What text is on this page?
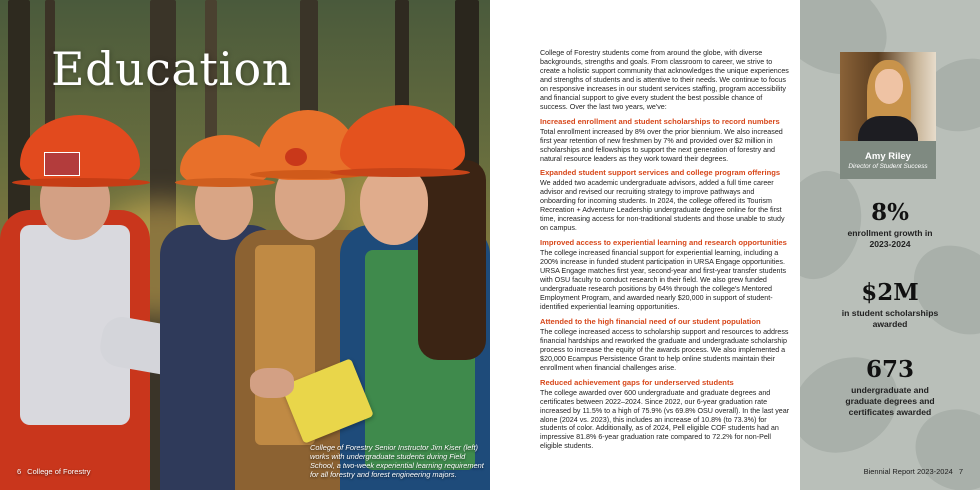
Education
College of Forestry Senior Instructor Jim Kiser (left) works with undergraduate students during Field School, a two-week experiential learning requirement for all forestry and forest engineering majors.
6 College of Forestry

College of Forestry students come from around the globe, with diverse backgrounds, strengths and goals. From classroom to career, we strive to create a holistic support community that acknowledges the unique experiences and strengths of students and is attentive to their needs. We continue to focus on responsive increases in our student services staffing, program accessibility and financial support to give every student the best possible chance of success. Over the last two years, we've:

Increased enrollment and student scholarships to record numbers

Total enrollment increased by 8% over the prior biennium. We also increased first year retention of new freshmen by 7% and provided over $2 million in scholarships and fellowships to support the next generation of forestry and natural resource leaders as they work toward their degrees.

Expanded student support services and college program offerings

We added two academic undergraduate advisors, added a full time career advisor and revised our recruiting strategy to improve pathways and onboarding for incoming students. In 2024, the college offered its Tourism Recreation + Adventure Leadership undergraduate degree online for the first time, increasing access for non-traditional students and those unable to study on campus.

Improved access to experiential learning and research opportunities

The college increased financial support for experiential learning, including a 200% increase in funded student participation in URSA Engage opportunities. URSA Engage matches first year, second-year and first-year transfer students with OSU faculty to conduct research in their field. We also grew funded undergraduate research positions by 64% through the college's Mentored Employment Program, and awarded nearly $20,000 in support of student-identified experiential learning opportunities.

Attended to the high financial need of our student population

The college increased access to scholarship support and resources to address financial hardships and reworked the graduate and undergraduate scholarship process to increase the equity of the awards process. We also implemented a $20,000 Ecampus Persistence Grant to help online students maintain their enrollment when financial challenges arise.

Reduced achievement gaps for underserved students

The college awarded over 600 undergraduate and graduate degrees and certificates between 2022–2024. Since 2022, our 6-year graduation rate increased by 11.5% to a high of 75.9% (vs 69.8% OSU overall). In the last year alone (2024 vs. 2023), this includes an increase of 10.8% (to 73.3%) for students of color. Additionally, as of 2024, Pell eligible COF students had an impressive 81.8% 6-year graduation rate compared to 72.2% for non-Pell eligible students.

Amy Riley
Director of Student Success
8%
enrollment growth in 2023-2024
$2M
in student scholarships awarded
673
undergraduate and graduate degrees and certificates awarded
Biennial Report 2023-2024 7
